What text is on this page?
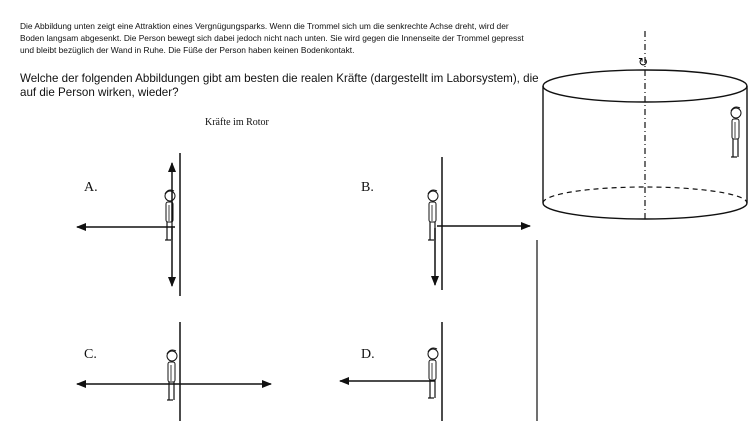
Die Abbildung unten zeigt eine Attraktion eines Vergnügungsparks. Wenn die Trommel sich um die senkrechte Achse dreht, wird der Boden langsam abgesenkt. Die Person bewegt sich dabei jedoch nicht nach unten. Sie wird gegen die Innenseite der Trommel gepresst und bleibt bezüglich der Wand in Ruhe. Die Füße der Person haben keinen Bodenkontakt.

Welche der folgenden Abbildungen gibt am besten die realen Kräfte (dargestellt im Laborsystem), die auf die Person wirken, wieder?

Kräfte im Rotor
A.	B.
C.	D.
↻
